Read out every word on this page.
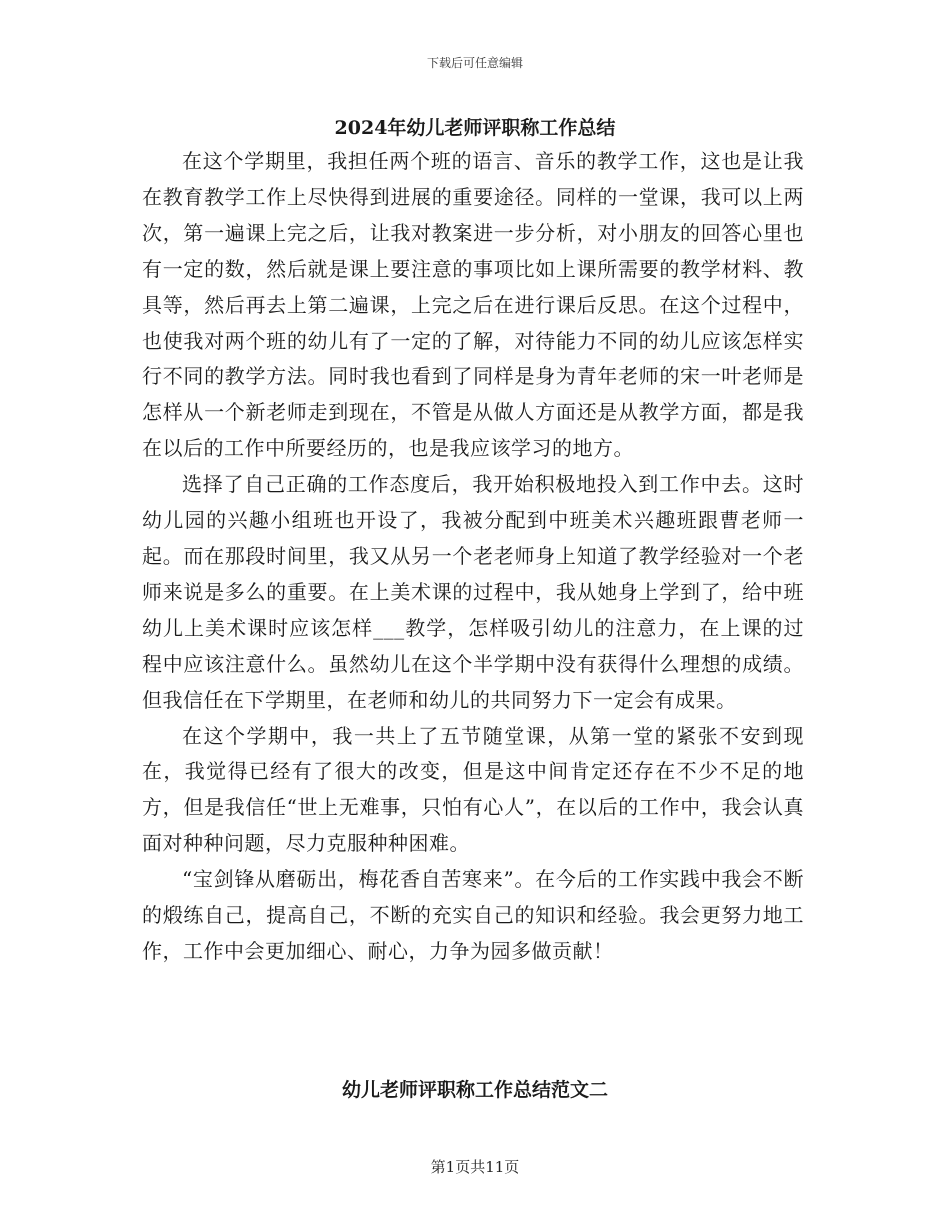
下载后可任意编辑
2024年幼儿老师评职称工作总结

在这个学期里，我担任两个班的语言、音乐的教学工作，这也是让我在教育教学工作上尽快得到进展的重要途径。同样的一堂课，我可以上两次，第一遍课上完之后，让我对教案进一步分析，对小朋友的回答心里也有一定的数，然后就是课上要注意的事项比如上课所需要的教学材料、教具等，然后再去上第二遍课，上完之后在进行课后反思。在这个过程中，也使我对两个班的幼儿有了一定的了解，对待能力不同的幼儿应该怎样实行不同的教学方法。同时我也看到了同样是身为青年老师的宋一叶老师是怎样从一个新老师走到现在，不管是从做人方面还是从教学方面，都是我在以后的工作中所要经历的，也是我应该学习的地方。

选择了自己正确的工作态度后，我开始积极地投入到工作中去。这时幼儿园的兴趣小组班也开设了，我被分配到中班美术兴趣班跟曹老师一起。而在那段时间里，我又从另一个老老师身上知道了教学经验对一个老师来说是多么的重要。在上美术课的过程中，我从她身上学到了，给中班幼儿上美术课时应该怎样___教学，怎样吸引幼儿的注意力，在上课的过程中应该注意什么。虽然幼儿在这个半学期中没有获得什么理想的成绩。但我信任在下学期里，在老师和幼儿的共同努力下一定会有成果。

在这个学期中，我一共上了五节随堂课，从第一堂的紧张不安到现在，我觉得已经有了很大的改变，但是这中间肯定还存在不少不足的地方，但是我信任“世上无难事，只怕有心人”，在以后的工作中，我会认真面对种种问题，尽力克服种种困难。

“宝剑锋从磨砺出，梅花香自苦寒来”。在今后的工作实践中我会不断的煅练自己，提高自己，不断的充实自己的知识和经验。我会更努力地工作，工作中会更加细心、耐心，力争为园多做贡献！

幼儿老师评职称工作总结范文二
第1页共11页
